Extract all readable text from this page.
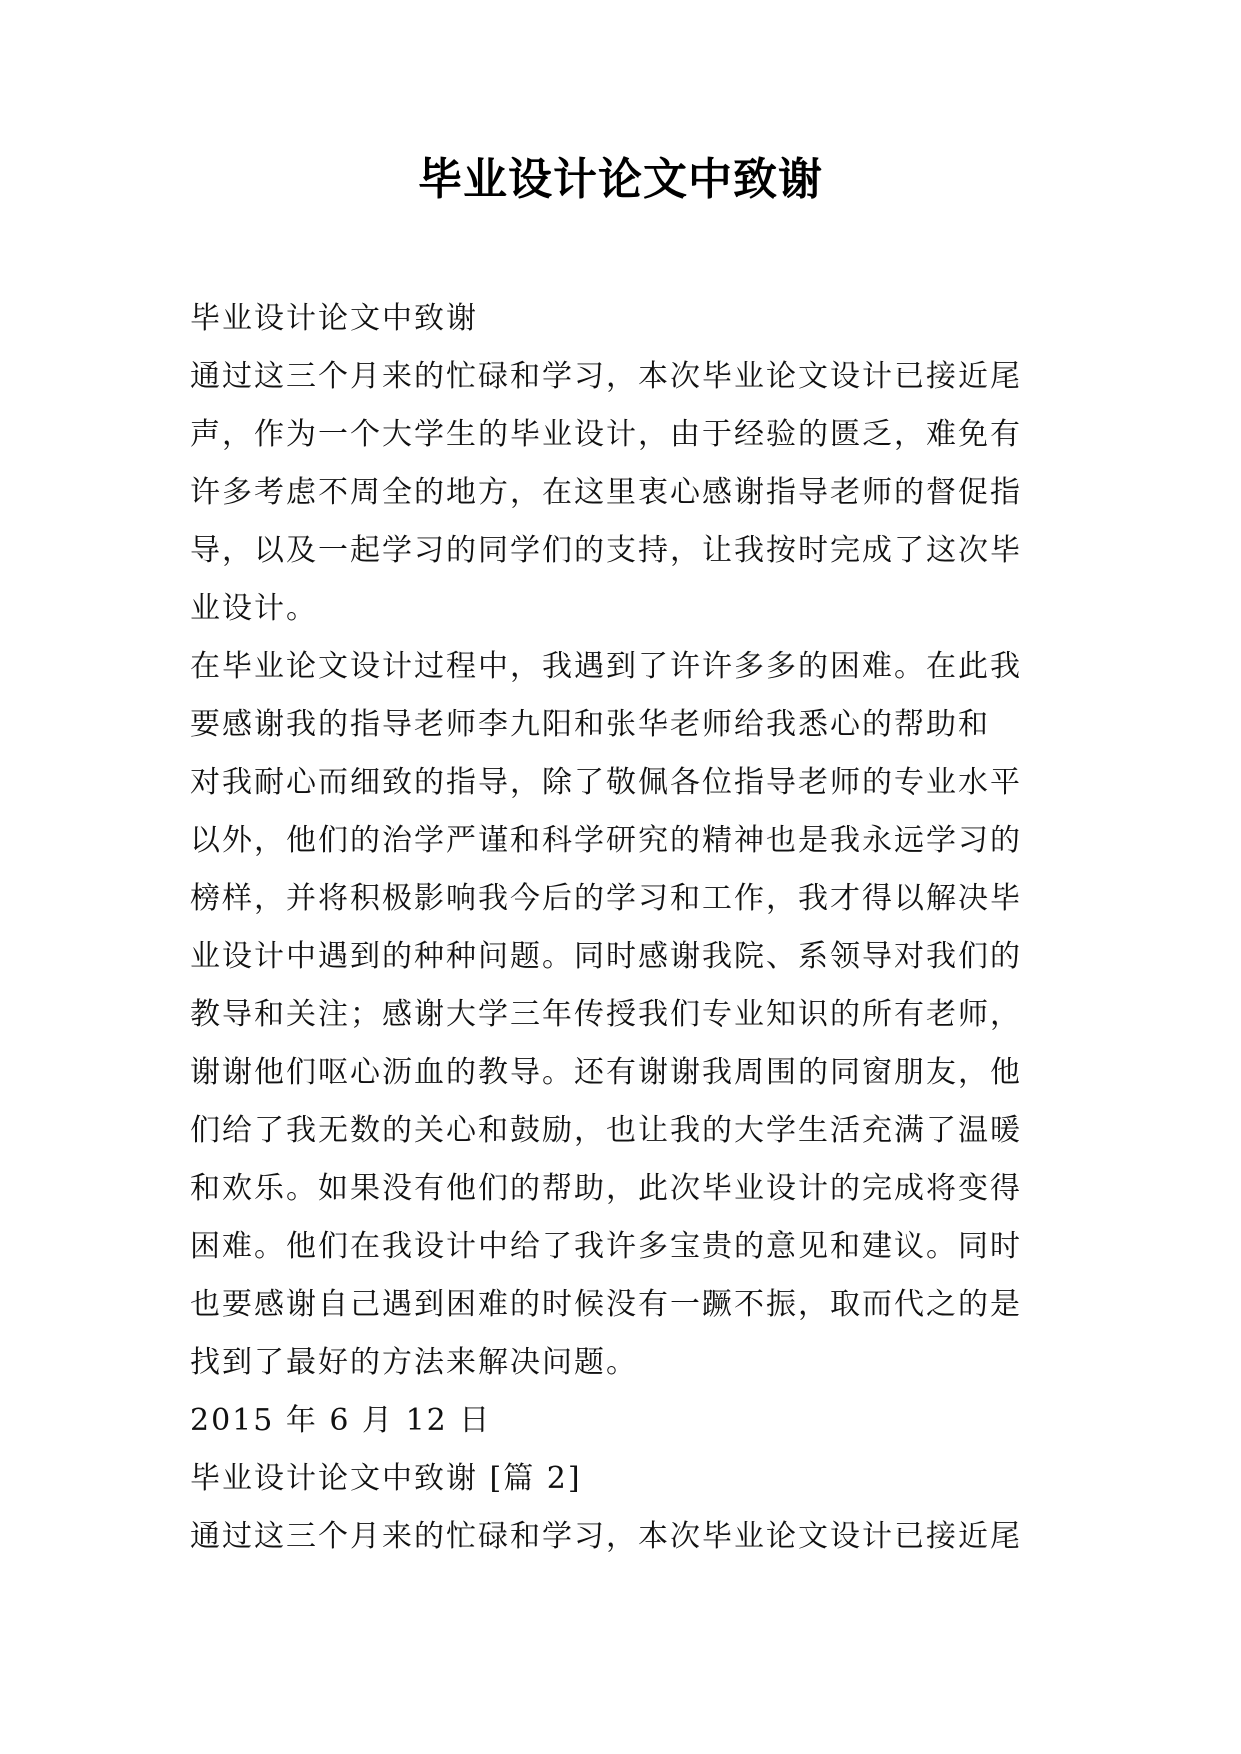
毕业设计论文中致谢
毕业设计论文中致谢
通过这三个月来的忙碌和学习，本次毕业论文设计已接近尾
声，作为一个大学生的毕业设计，由于经验的匮乏，难免有
许多考虑不周全的地方，在这里衷心感谢指导老师的督促指
导，以及一起学习的同学们的支持，让我按时完成了这次毕
业设计。
在毕业论文设计过程中，我遇到了许许多多的困难。在此我
要感谢我的指导老师李九阳和张华老师给我悉心的帮助和
对我耐心而细致的指导，除了敬佩各位指导老师的专业水平
以外，他们的治学严谨和科学研究的精神也是我永远学习的
榜样，并将积极影响我今后的学习和工作，我才得以解决毕
业设计中遇到的种种问题。同时感谢我院、系领导对我们的
教导和关注；感谢大学三年传授我们专业知识的所有老师，
谢谢他们呕心沥血的教导。还有谢谢我周围的同窗朋友，他
们给了我无数的关心和鼓励，也让我的大学生活充满了温暖
和欢乐。如果没有他们的帮助，此次毕业设计的完成将变得
困难。他们在我设计中给了我许多宝贵的意见和建议。同时
也要感谢自己遇到困难的时候没有一蹶不振，取而代之的是
找到了最好的方法来解决问题。
2015 年 6 月 12 日
毕业设计论文中致谢 [篇 2]
通过这三个月来的忙碌和学习，本次毕业论文设计已接近尾
